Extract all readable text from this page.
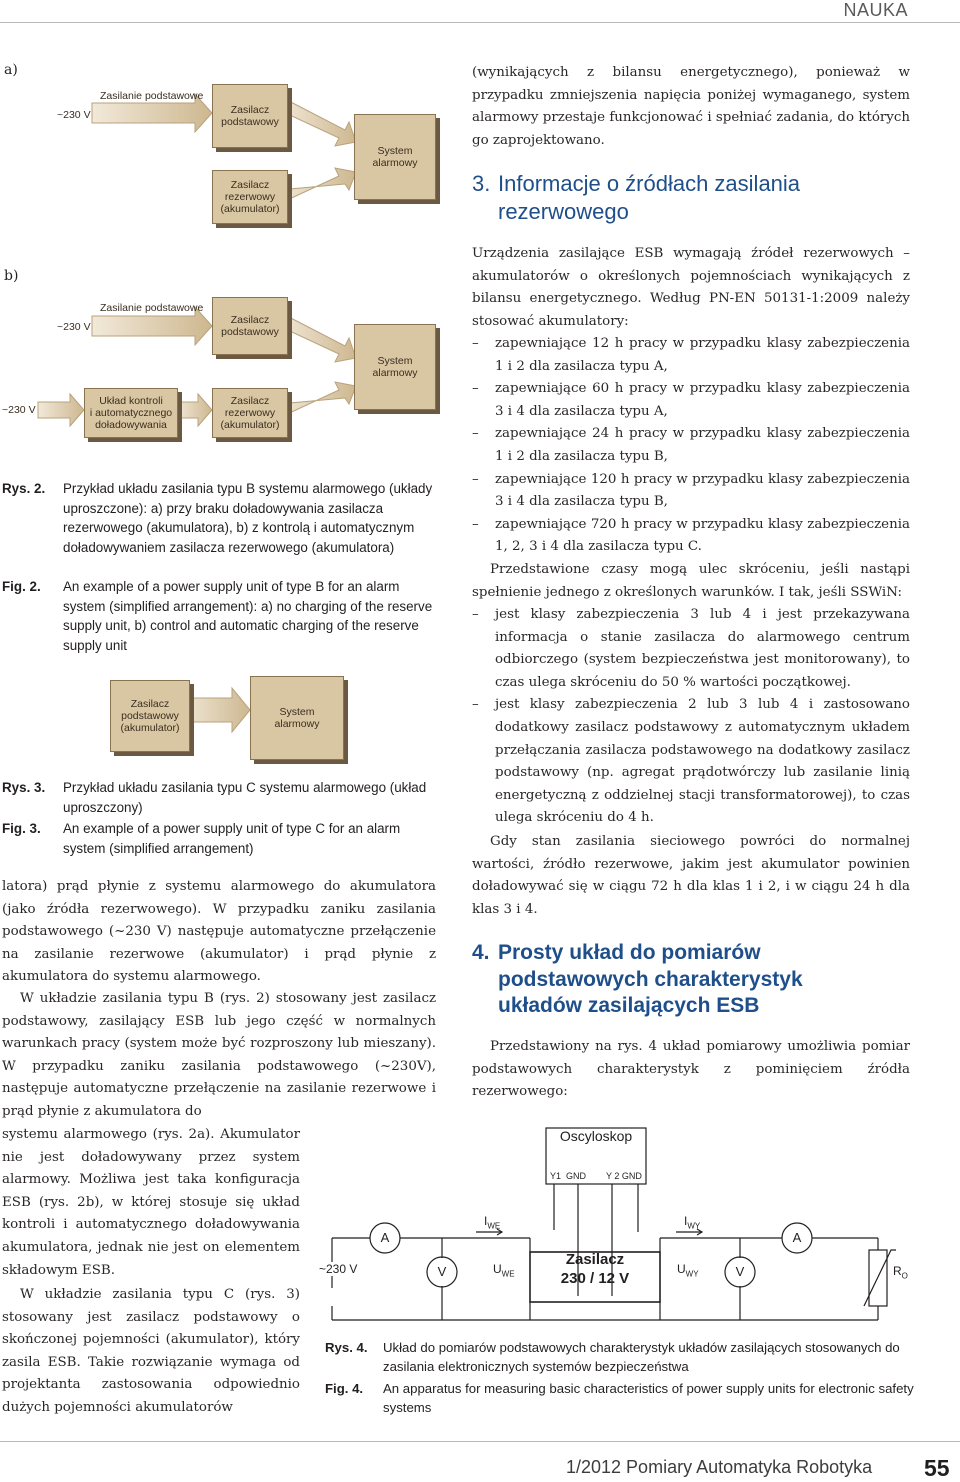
NAUKA
a)
~230 V
Zasilanie podstawowe
Zasilacz
podstawowy
Zasilacz
rezerwowy
(akumulator)
System
alarmowy
b)
~230 V
Zasilanie podstawowe
~230 V
Układ kontroli
i automatycznego
doładowywania
Zasilacz
podstawowy
Zasilacz
rezerwowy
(akumulator)
System
alarmowy
Rys. 2. Przykład układu zasilania typu B systemu alarmowego (układy uproszczone): a) przy braku doładowywania zasilacza rezerwowego (akumulatora), b) z kontrolą i automatycznym doładowywaniem zasilacza rezerwowego (akumulatora)
Fig. 2. An example of a power supply unit of type B for an alarm system (simplified arrangement): a) no charging of the reserve supply unit, b) control and automatic charging of the reserve supply unit
Zasilacz
podstawowy
(akumulator)
System
alarmowy
Rys. 3. Przykład układu zasilania typu C systemu alarmowego (układ uproszczony)
Fig. 3. An example of a power supply unit of type C for an alarm system (simplified arrangement)

latora) prąd płynie z systemu alarmowego do akumulatora (jako źródła rezerwowego). W przypadku zaniku zasilania podstawowego (~230 V) następuje automatyczne przełączenie na zasilanie rezerwowe (akumulator) i prąd płynie z akumulatora do systemu alarmowego.

W układzie zasilania typu B (rys. 2) stosowany jest zasilacz podstawowy, zasilający ESB lub jego część w normalnych warunkach pracy (system może być rozproszony lub mieszany). W przypadku zaniku zasilania podstawowego (~230V), następuje automatyczne przełączenie na zasilanie rezerwowe i prąd płynie z akumulatora do

systemu alarmowego (rys. 2a). Akumulator nie jest doładowywany przez system alarmowy. Możliwa jest taka konfiguracja ESB (rys. 2b), w której stosuje się układ kontroli i automatycznego doładowywania akumulatora, jednak nie jest on elementem składowym ESB.

W układzie zasilania typu C (rys. 3) stosowany jest zasilacz podstawowy o skończonej pojemności (akumulator), który zasila ESB. Takie rozwiązanie wymaga od projektanta zastosowania odpowiednio dużych pojemności akumulatorów

(wynikających z bilansu energetycznego), ponieważ w przypadku zmniejszenia napięcia poniżej wymaganego, system alarmowy przestaje funkcjonować i spełniać zadania, do których go zaprojektowano.

3. Informacje o źródłach zasilania rezerwowego

Urządzenia zasilające ESB wymagają źródeł rezerwowych – akumulatorów o określonych pojemnościach wynikających z bilansu energetycznego. Według PN-EN 50131-1:2009 należy stosować akumulatory:

– zapewniające 12 h pracy w przypadku klasy zabezpieczenia 1 i 2 dla zasilacza typu A,
– zapewniające 60 h pracy w przypadku klasy zabezpieczenia 3 i 4 dla zasilacza typu A,
– zapewniające 24 h pracy w przypadku klasy zabezpieczenia 1 i 2 dla zasilacza typu B,
– zapewniające 120 h pracy w przypadku klasy zabezpieczenia 3 i 4 dla zasilacza typu B,
– zapewniające 720 h pracy w przypadku klasy zabezpieczenia 1, 2, 3 i 4 dla zasilacza typu C.

Przedstawione czasy mogą ulec skróceniu, jeśli nastąpi spełnienie jednego z określonych warunków. I tak, jeśli SSWiN:

– jest klasy zabezpieczenia 3 lub 4 i jest przekazywana informacja o stanie zasilacza do alarmowego centrum odbiorczego (system bezpieczeństwa jest monitorowany), to czas ulega skróceniu do 50 % wartości początkowej.
– jest klasy zabezpieczenia 2 lub 3 lub 4 i zastosowano dodatkowy zasilacz podstawowy z automatycznym układem przełączania zasilacza podstawowego na dodatkowy zasilacz podstawowy (np. agregat prądotwórczy lub zasilanie linią energetyczną z oddzielnej stacji transformatorowej), to czas ulega skróceniu do 4 h.

Gdy stan zasilania sieciowego powróci do normalnej wartości, źródło rezerwowe, jakim jest akumulator powinien doładowywać się w ciągu 72 h dla klas 1 i 2, i w ciągu 24 h dla klas 3 i 4.

4. Prosty układ do pomiarów podstawowych charakterystyk układów zasilających ESB

Przedstawiony na rys. 4 układ pomiarowy umożliwia pomiar podstawowych charakterystyk z pominięciem źródła rezerwowego:

Oscyloskop
Y1 GND Y 2 GND
~230 V
A
V
A
V
$I_{WE}$
$U_{WE}$
$I_{WY}$
$U_{WY}$
Zasilacz
230 / 12 V	$R_O$
Rys. 4. Układ do pomiarów podstawowych charakterystyk układów zasilających stosowanych do zasilania elektronicznych systemów bezpieczeństwa
Fig. 4. An apparatus for measuring basic characteristics of power supply units for electronic safety systems
1/2012 Pomiary Automatyka Robotyka 55
